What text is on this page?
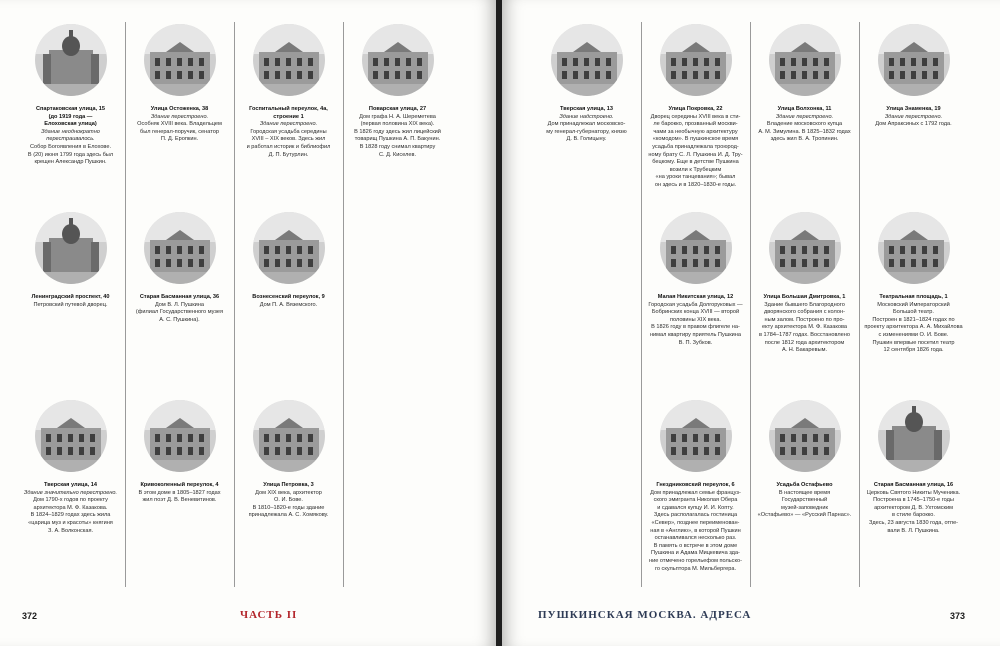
Спартаковская улица, 15
(до 1919 года —
Елоховская улица)
Здание неоднократно
перестраивалось.
Собор Богоявления в Елохове.
В (20) июня 1799 года здесь был
крещен Александр Пушкин.
Улица Остоженка, 38
Здание перестроено.
Особняк XVIII века. Владельцем
был генерал-поручик, сенатор
П. Д. Еропкин.
Госпитальный переулок, 4а,
строение 1
Здание перестроено.
Городская усадьба середины
XVIII – XIX веков. Здесь жил
и работал историк и библиофил
Д. П. Бутурлин.
Поварская улица, 27
Дом графа Н. А. Шереметева
(первая половина XIX века).
В 1826 году здесь жил лицейский
товарищ Пушкина А. П. Бакунин.
В 1828 году снимал квартиру
С. Д. Киселев.
Ленинградский проспект, 40
Петровский путевой дворец.
Старая Басманная улица, 36
Дом В. Л. Пушкина
(филиал Государственного музея
А. С. Пушкина).
Вознесенский переулок, 9
Дом П. А. Вяземского.
Тверская улица, 14
Здание значительно перестроено.
Дом 1790-х годов по проекту
архитектора М. Ф. Казакова.
В 1824–1829 годах здесь жила
«царица муз и красоты» княгиня
З. А. Волконская.
Кривоколенный переулок, 4
В этом доме в 1805–1827 годах
жил поэт Д. В. Веневитинов.
Улица Петровка, 3
Дом XIX века, архитектор
О. И. Бове.
В 1810–1820-е годы здание
принадлежала А. С. Хомякову.
372	ЧАСТЬ II
Тверская улица, 13
Здание надстроено.
Дом принадлежал московско-
му генерал-губернатору, князю
Д. В. Голицыну.
Улица Покровка, 22
Дворец середины XVIII века в сти-
ле барокко, прозванный москви-
чами за необычную архитектуру
«комодом». В пушкинское время
усадьба принадлежала троюрод-
ному брату С. Л. Пушкина И. Д. Тру-
бецкому. Еще в детстве Пушкина
возили к Трубецким
«на уроки танцевания»; бывал
он здесь и в 1820–1830-е годы.
Улица Волхонка, 11
Здание перестроено.
Владение московского купца
А. М. Зимулина. В 1825–1832 годах
здесь жил В. А. Тропинин.
Улица Знаменка, 19
Здание перестроено.
Дом Апраксиных с 1792 года.
Малая Никитская улица, 12
Городская усадьба Долгоруковых —
Бобринских конца XVIII — второй
половины XIX века.
В 1826 году в правом флигеле на-
нимал квартиру приятель Пушкина
В. П. Зубков.
Улица Большая Дмитровка, 1
Здание бывшего Благородного
дворянского собрания с колон-
ным залом. Построено по про-
екту архитектора М. Ф. Казакова
в 1784–1787 годах. Восстановлено
после 1812 года архитектором
А. Н. Бакаревым.
Театральная площадь, 1
Московский Императорский
Большой театр.
Пострoен в 1821–1824 годах по
проекту архитектора А. А. Михайлова
с изменениями О. И. Бове.
Пушкин впервые посетил театр
12 сентября 1826 года.
Гнездниковский переулок, 6
Дом принадлежал семье француз-
ского эмигранта Николая Обера
и сдавался купцу И. И. Копту.
Здесь располагалась гостиница
«Север», позднее переименован-
ная в «Англию», в которой Пушкин
останавливался несколько раз.
В память о встрече в этом доме
Пушкина и Адама Мицкевича зда-
ние отмечено горельефом польско-
го скульптора М. Мильбергера.
Усадьба Остафьево
В настоящее время
Государственный
музей-заповедник
«Остафьево» — «Русский Парнас».
Старая Басманная улица, 16
Церковь Святого Никиты Мученика.
Построена в 1745–1750-е годы
архитектором Д. В. Ухтомским
в стиле барокко.
Здесь, 23 августа 1830 года, отпе-
вали В. Л. Пушкина.
ПУШКИНСКАЯ МОСКВА. АДРЕСА	373
